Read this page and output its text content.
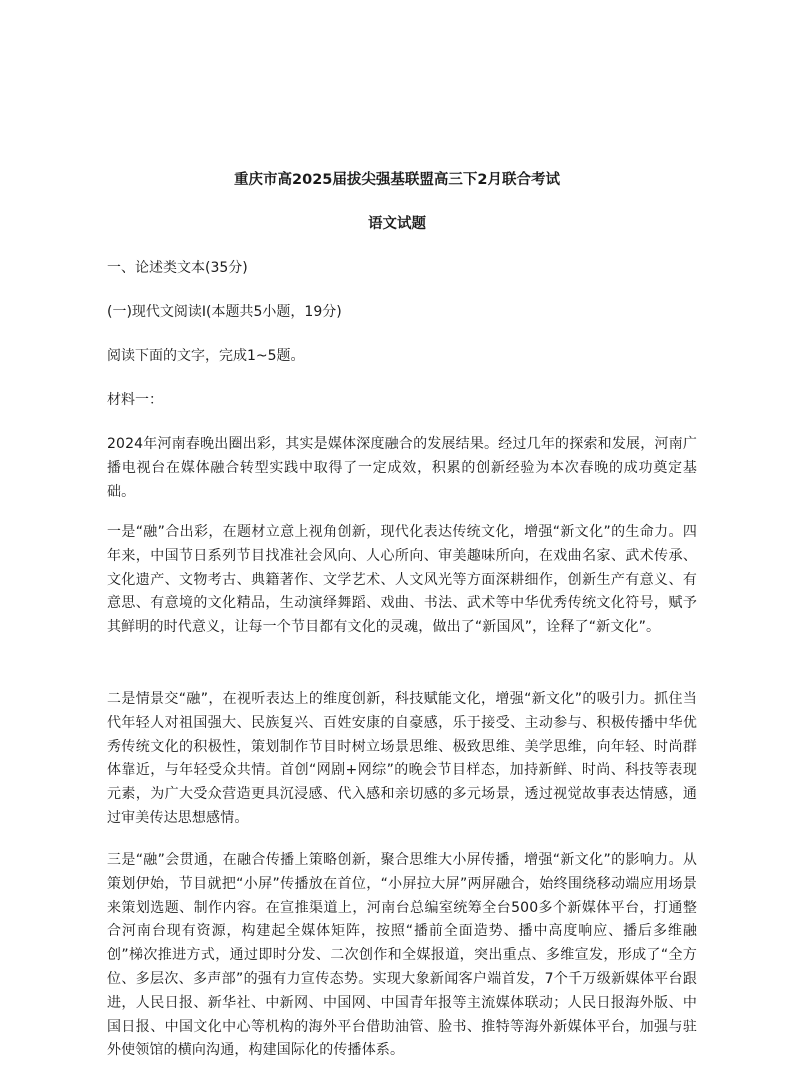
重庆市高2025届拔尖强基联盟高三下2月联合考试
语文试题
一、论述类文本(35分)
(一)现代文阅读Ⅰ(本题共5小题，19分)
阅读下面的文字，完成1~5题。
材料一：
2024年河南春晚出圈出彩，其实是媒体深度融合的发展结果。经过几年的探索和发展，河南广播电视台在媒体融合转型实践中取得了一定成效，积累的创新经验为本次春晚的成功奠定基础。
一是“融”合出彩，在题材立意上视角创新，现代化表达传统文化，增强“新文化”的生命力。四年来，中国节日系列节目找准社会风向、人心所向、审美趣味所向，在戏曲名家、武术传承、文化遗产、文物考古、典籍著作、文学艺术、人文风光等方面深耕细作，创新生产有意义、有意思、有意境的文化精品，生动演绎舞蹈、戏曲、书法、武术等中华优秀传统文化符号，赋予其鲜明的时代意义，让每一个节目都有文化的灵魂，做出了“新国风”，诠释了“新文化”。
二是情景交“融”，在视听表达上的维度创新，科技赋能文化，增强“新文化”的吸引力。抓住当代年轻人对祖国强大、民族复兴、百姓安康的自豪感，乐于接受、主动参与、积极传播中华优秀传统文化的积极性，策划制作节目时树立场景思维、极致思维、美学思维，向年轻、时尚群体靠近，与年轻受众共情。首创“网剧+网综”的晚会节目样态，加持新鲜、时尚、科技等表现元素，为广大受众营造更具沉浸感、代入感和亲切感的多元场景，透过视觉故事表达情感，通过审美传达思想感情。
三是“融”会贯通，在融合传播上策略创新，聚合思维大小屏传播，增强“新文化”的影响力。从策划伊始，节目就把“小屏”传播放在首位，“小屏拉大屏”两屏融合，始终围绕移动端应用场景来策划选题、制作内容。在宣推渠道上，河南台总编室统筹全台500多个新媒体平台，打通整合河南台现有资源，构建起全媒体矩阵，按照“播前全面造势、播中高度响应、播后多维融创”梯次推进方式，通过即时分发、二次创作和全媒报道，突出重点、多维宣发，形成了“全方位、多层次、多声部”的强有力宣传态势。实现大象新闻客户端首发，7个千万级新媒体平台跟进，人民日报、新华社、中新网、中国网、中国青年报等主流媒体联动；人民日报海外版、中国日报、中国文化中心等机构的海外平台借助油管、脸书、推特等海外新媒体平台，加强与驻外使领馆的横向沟通，构建国际化的传播体系。
